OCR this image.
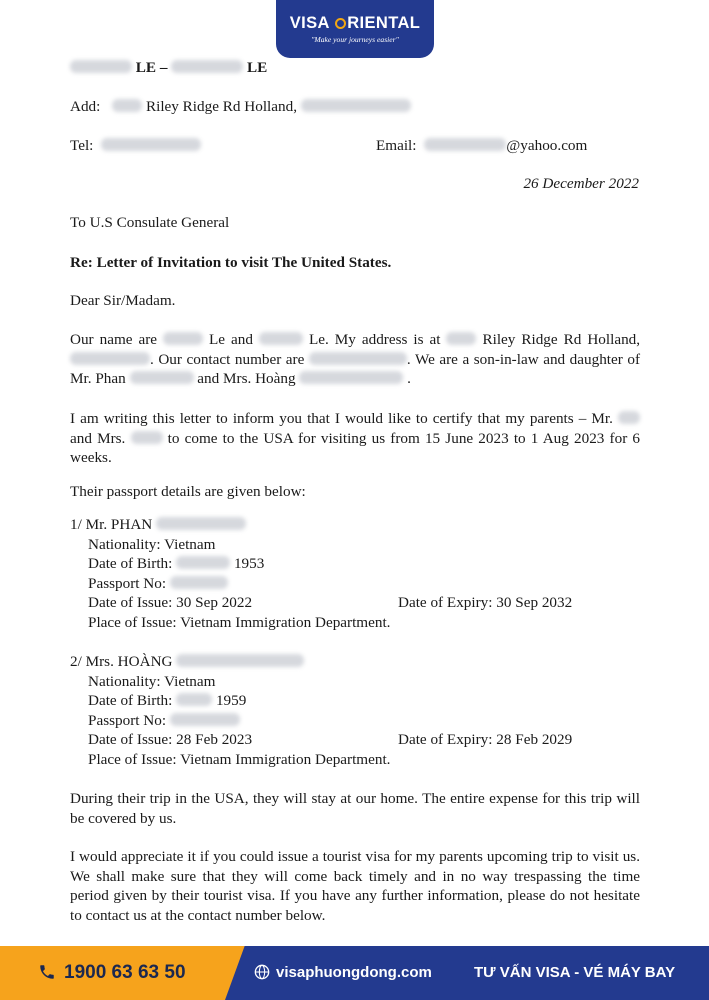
VISA RIENTAL
"Make your journeys easier"
LE –	LE
Add:	Riley Ridge Rd Holland,
Tel:	Email:	@yahoo.com
26 December 2022
To U.S Consulate General
Re: Letter of Invitation to visit The United States.
Dear Sir/Madam.
Our name are	Le and	Le. My address is at	Riley Ridge Rd Holland, . Our contact number are	. We are a son-in-law and daughter of Mr. Phan	and Mrs. Hoàng	.
I am writing this letter to inform you that I would like to certify that my parents – Mr.  and Mrs.	to come to the USA for visiting us from 15 June 2023 to 1 Aug 2023 for 6 weeks.
Their passport details are given below:
1/ Mr. PHAN
Nationality: Vietnam
Date of Birth:	1953
Passport No:
Date of Issue: 30 Sep 2022	Date of Expiry: 30 Sep 2032
Place of Issue: Vietnam Immigration Department.
2/ Mrs. HOÀNG
Nationality: Vietnam
Date of Birth:	1959
Passport No:
Date of Issue: 28 Feb 2023	Date of Expiry: 28 Feb 2029
Place of Issue: Vietnam Immigration Department.
During their trip in the USA, they will stay at our home. The entire expense for this trip will be covered by us.
I would appreciate it if you could issue a tourist visa for my parents upcoming trip to visit us. We shall make sure that they will come back timely and in no way trespassing the time period given by their tourist visa. If you have any further information, please do not hesitate to contact us at the contact number below.
1900 63 63 50	visaphuongdong.com	TƯ VẤN VISA - VÉ MÁY BAY
